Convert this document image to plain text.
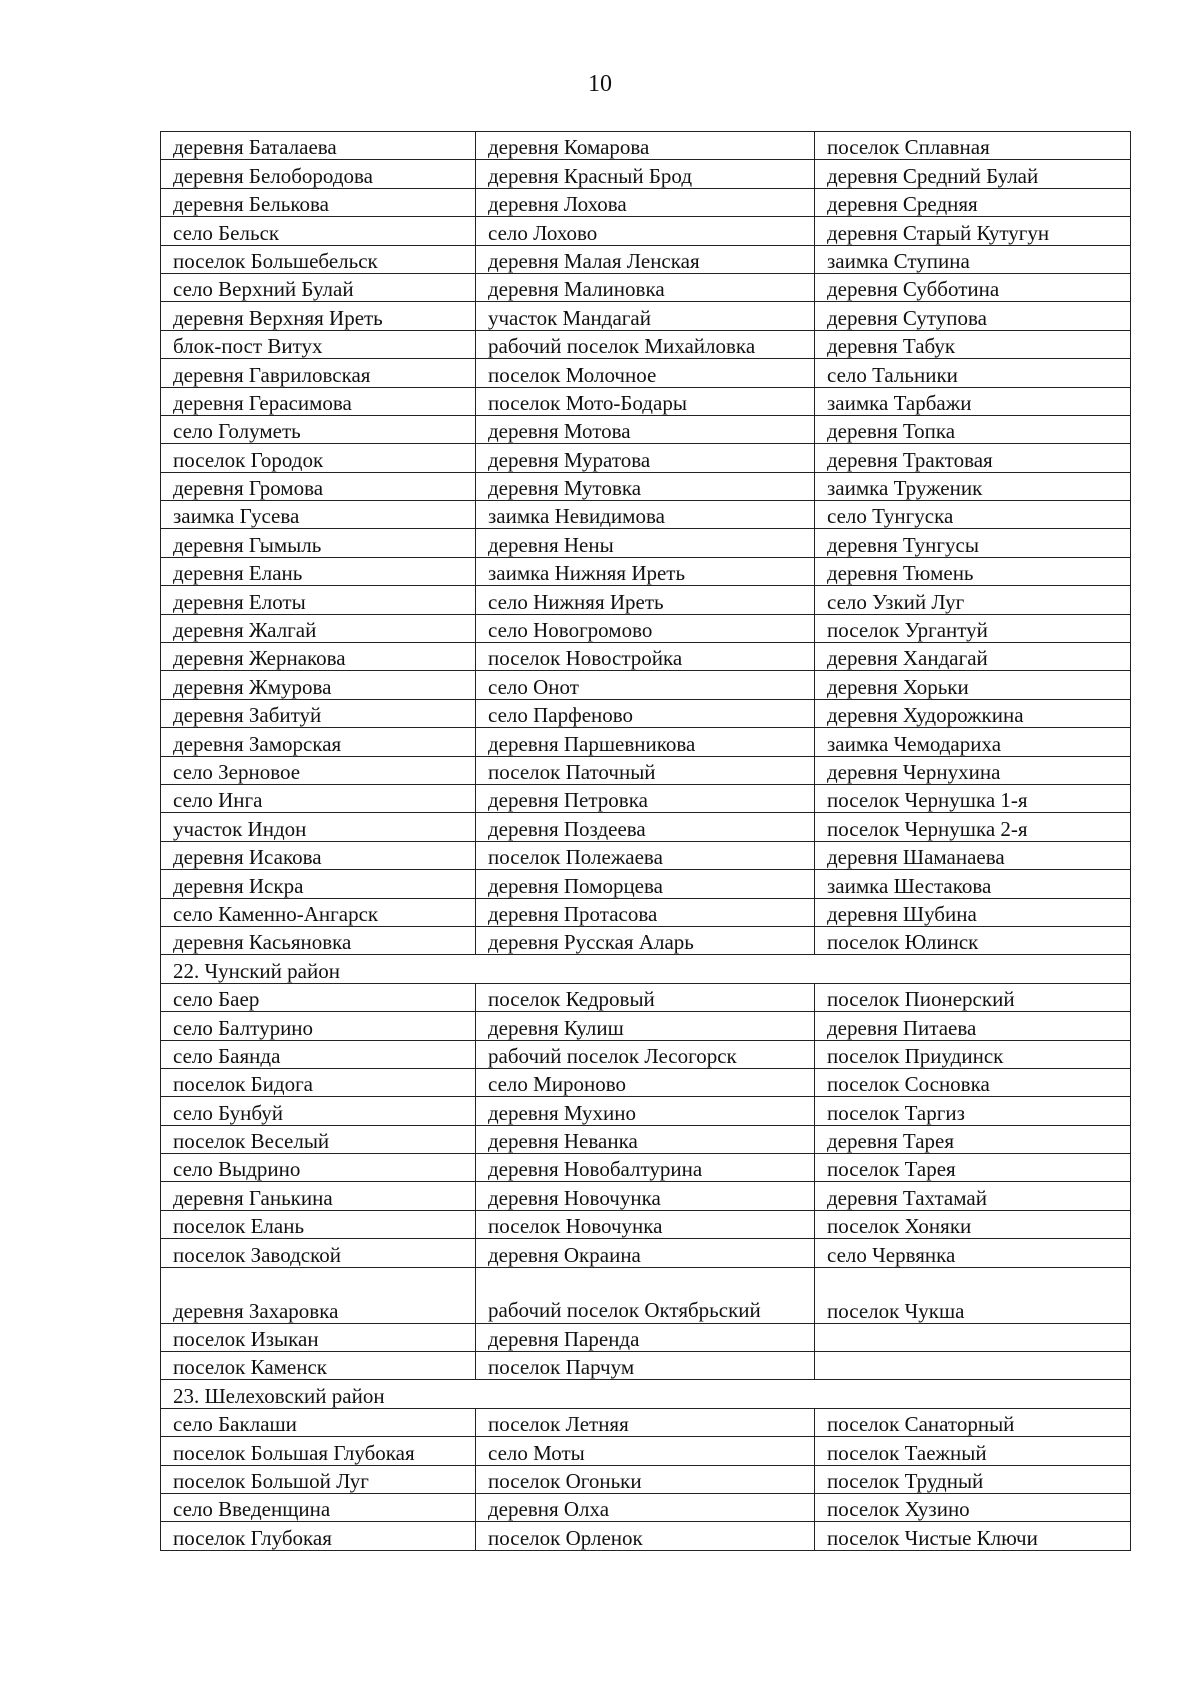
10
деревня Баталаева	деревня Комарова	поселок Сплавная
деревня Белобородова	деревня Красный Брод	деревня Средний Булай
деревня Белькова	деревня Лохова	деревня Средняя
село Бельск	село Лохово	деревня Старый Кутугун
поселок Большебельск	деревня Малая Ленская	заимка Ступина
село Верхний Булай	деревня Малиновка	деревня Субботина
деревня Верхняя Иреть	участок Мандагай	деревня Сутупова
блок-пост Витух	рабочий поселок Михайловка	деревня Табук
деревня Гавриловская	поселок Молочное	село Тальники
деревня Герасимова	поселок Мото-Бодары	заимка Тарбажи
село Голуметь	деревня Мотова	деревня Топка
поселок Городок	деревня Муратова	деревня Трактовая
деревня Громова	деревня Мутовка	заимка Труженик
заимка Гусева	заимка Невидимова	село Тунгуска
деревня Гымыль	деревня Нены	деревня Тунгусы
деревня Елань	заимка Нижняя Иреть	деревня Тюмень
деревня Елоты	село Нижняя Иреть	село Узкий Луг
деревня Жалгай	село Новогромово	поселок Ургантуй
деревня Жернакова	поселок Новостройка	деревня Хандагай
деревня Жмурова	село Онот	деревня Хорьки
деревня Забитуй	село Парфеново	деревня Худорожкина
деревня Заморская	деревня Паршевникова	заимка Чемодариха
село Зерновое	поселок Паточный	деревня Чернухина
село Инга	деревня Петровка	поселок Чернушка 1-я
участок Индон	деревня Поздеева	поселок Чернушка 2-я
деревня Исакова	поселок Полежаева	деревня Шаманаева
деревня Искра	деревня Поморцева	заимка Шестакова
село Каменно-Ангарск	деревня Протасова	деревня Шубина
деревня Касьяновка	деревня Русская Аларь	поселок Юлинск
22. Чунский район		
село Баер	поселок Кедровый	поселок Пионерский
село Балтурино	деревня Кулиш	деревня Питаева
село Баянда	рабочий поселок Лесогорск	поселок Приудинск
поселок Бидога	село Мироново	поселок Сосновка
село Бунбуй	деревня Мухино	поселок Таргиз
поселок Веселый	деревня Неванка	деревня Тарея
село Выдрино	деревня Новобалтурина	поселок Тарея
деревня Ганькина	деревня Новочунка	деревня Тахтамай
поселок Елань	поселок Новочунка	поселок Хоняки
поселок Заводской	деревня Окраина	село Червянка
деревня Захаровка	рабочий поселок Октябрьский	поселок Чукша
поселок Изыкан	деревня Паренда	
поселок Каменск	поселок Парчум	
23. Шелеховский район		
село Баклаши	поселок Летняя	поселок Санаторный
поселок Большая Глубокая	село Моты	поселок Таежный
поселок Большой Луг	поселок Огоньки	поселок Трудный
село Введенщина	деревня Олха	поселок Хузино
поселок Глубокая	поселок Орленок	поселок Чистые Ключи
